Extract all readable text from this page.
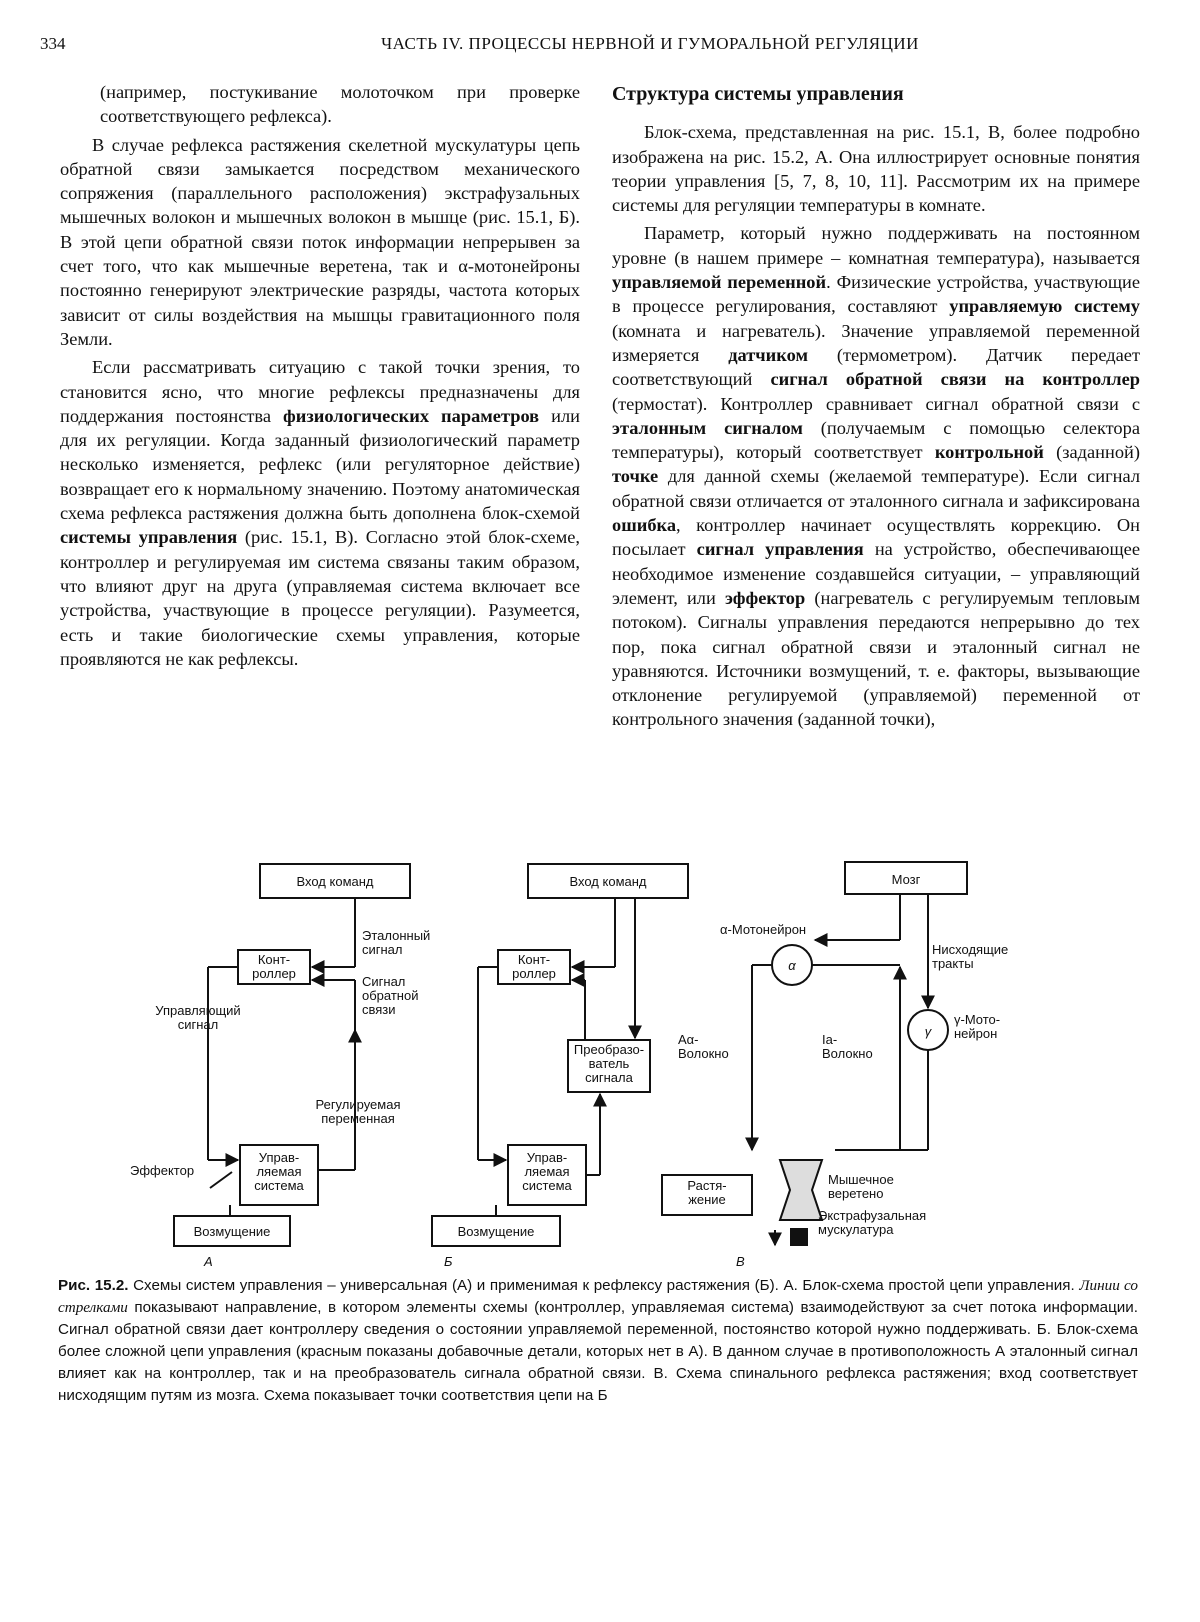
334	ЧАСТЬ IV. ПРОЦЕССЫ НЕРВНОЙ И ГУМОРАЛЬНОЙ РЕГУЛЯЦИИ

(например, постукивание молоточком при проверке соответствующего рефлекса).

В случае рефлекса растяжения скелетной мускулатуры цепь обратной связи замыкается посредством механического сопряжения (параллельного расположения) экстрафузальных мышечных волокон и мышечных волокон в мышце (рис. 15.1, Б). В этой цепи обратной связи поток информации непрерывен за счет того, что как мышечные веретена, так и α-мотонейроны постоянно генерируют электрические разряды, частота которых зависит от силы воздействия на мышцы гравитационного поля Земли.

Если рассматривать ситуацию с такой точки зрения, то становится ясно, что многие рефлексы предназначены для поддержания постоянства физиологических параметров или для их регуляции. Когда заданный физиологический параметр несколько изменяется, рефлекс (или регуляторное действие) возвращает его к нормальному значению. Поэтому анатомическая схема рефлекса растяжения должна быть дополнена блок-схемой системы управления (рис. 15.1, В). Согласно этой блок-схеме, контроллер и регулируемая им система связаны таким образом, что влияют друг на друга (управляемая система включает все устройства, участвующие в процессе регуляции). Разумеется, есть и такие биологические схемы управления, которые проявляются не как рефлексы.

Структура системы управления

Блок-схема, представленная на рис. 15.1, В, более подробно изображена на рис. 15.2, А. Она иллюстрирует основные понятия теории управления [5, 7, 8, 10, 11]. Рассмотрим их на примере системы для регуляции температуры в комнате.

Параметр, который нужно поддерживать на постоянном уровне (в нашем примере – комнатная температура), называется управляемой переменной. Физические устройства, участвующие в процессе регулирования, составляют управляемую систему (комната и нагреватель). Значение управляемой переменной измеряется датчиком (термометром). Датчик передает соответствующий сигнал обратной связи на контроллер (термостат). Контроллер сравнивает сигнал обратной связи с эталонным сигналом (получаемым с помощью селектора температуры), который соответствует контрольной (заданной) точке для данной схемы (желаемой температуре). Если сигнал обратной связи отличается от эталонного сигнала и зафиксирована ошибка, контроллер начинает осуществлять коррекцию. Он посылает сигнал управления на устройство, обеспечивающее необходимое изменение создавшейся ситуации, – управляющий элемент, или эффектор (нагреватель с регулируемым тепловым потоком). Сигналы управления передаются непрерывно до тех пор, пока сигнал обратной связи и эталонный сигнал не уравняются. Источники возмущений, т. е. факторы, вызывающие отклонение регулируемой (управляемой) переменной от контрольного значения (заданной точки),

Вход команд
Конт-роллер
Эталонный сигнал
Сигнал обратной связи
Управляющий сигнал
Регулируемая переменная
Эффектор
Управ-ляемая система
Возмущение
А
Вход команд
Конт-роллер
Преобразо-ватель сигнала
Управ-ляемая система
Возмущение
Б
Мозг
α-Мотонейрон
α
Нисходящие тракты
γ
γ-Мото-нейрон
Aα-Волокно
Ia-Волокно
Растя-жение
Мышечное веретено
Экстрафузальная мускулатура
В
Рис. 15.2. Схемы систем управления – универсальная (А) и применимая к рефлексу растяжения (Б). А. Блок-схема простой цепи управления. Линии со стрелками показывают направление, в котором элементы схемы (контроллер, управляемая система) взаимодействуют за счет потока информации. Сигнал обратной связи дает контроллеру сведения о состоянии управляемой переменной, постоянство которой нужно поддерживать. Б. Блок-схема более сложной цепи управления (красным показаны добавочные детали, которых нет в А). В данном случае в противоположность А эталонный сигнал влияет как на контроллер, так и на преобразователь сигнала обратной связи. В. Схема спинального рефлекса растяжения; вход соответствует нисходящим путям из мозга. Схема показывает точки соответствия цепи на Б
